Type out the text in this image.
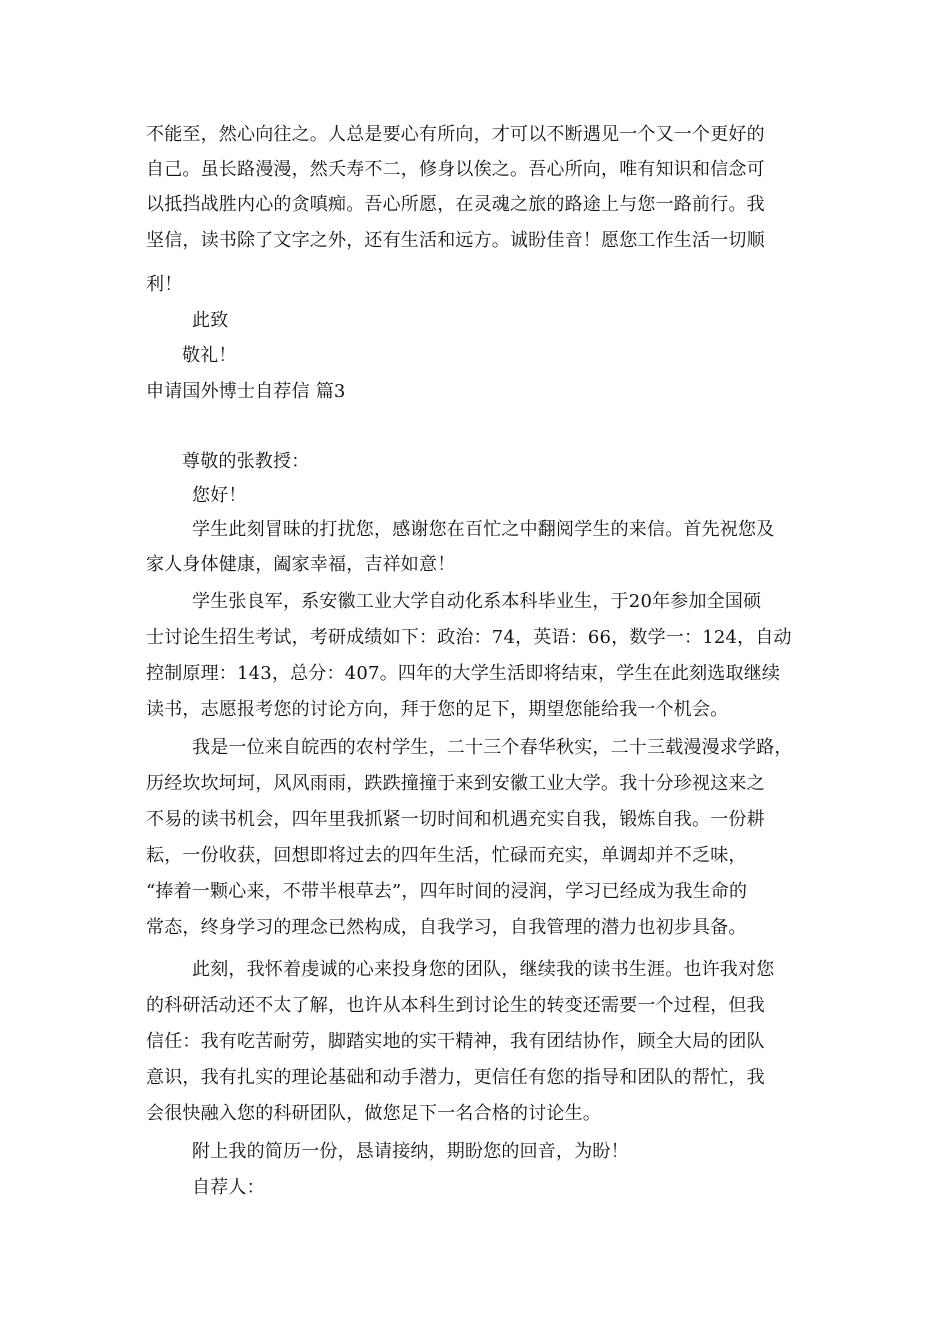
不能至，然心向往之。人总是要心有所向，才可以不断遇见一个又一个更好的
自己。虽长路漫漫，然夭寿不二，修身以俟之。吾心所向，唯有知识和信念可
以抵挡战胜内心的贪嗔痴。吾心所愿，在灵魂之旅的路途上与您一路前行。我
坚信，读书除了文字之外，还有生活和远方。诚盼佳音！愿您工作生活一切顺
利！
此致
敬礼！
申请国外博士自荐信 篇3
尊敬的张教授：
您好！
学生此刻冒昧的打扰您，感谢您在百忙之中翻阅学生的来信。首先祝您及
家人身体健康，阖家幸福，吉祥如意！
学生张良军，系安徽工业大学自动化系本科毕业生，于20年参加全国硕
士讨论生招生考试，考研成绩如下：政治：74，英语：66，数学一：124，自动
控制原理：143，总分：407。四年的大学生活即将结束，学生在此刻选取继续
读书，志愿报考您的讨论方向，拜于您的足下，期望您能给我一个机会。
我是一位来自皖西的农村学生，二十三个春华秋实，二十三载漫漫求学路，
历经坎坎坷坷，风风雨雨，跌跌撞撞于来到安徽工业大学。我十分珍视这来之
不易的读书机会，四年里我抓紧一切时间和机遇充实自我，锻炼自我。一份耕
耘，一份收获，回想即将过去的四年生活，忙碌而充实，单调却并不乏味，
“捧着一颗心来，不带半根草去”，四年时间的浸润，学习已经成为我生命的
常态，终身学习的理念已然构成，自我学习，自我管理的潜力也初步具备。
此刻，我怀着虔诚的心来投身您的团队，继续我的读书生涯。也许我对您
的科研活动还不太了解，也许从本科生到讨论生的转变还需要一个过程，但我
信任：我有吃苦耐劳，脚踏实地的实干精神，我有团结协作，顾全大局的团队
意识，我有扎实的理论基础和动手潜力，更信任有您的指导和团队的帮忙，我
会很快融入您的科研团队，做您足下一名合格的讨论生。
附上我的简历一份，恳请接纳，期盼您的回音，为盼！
自荐人：
